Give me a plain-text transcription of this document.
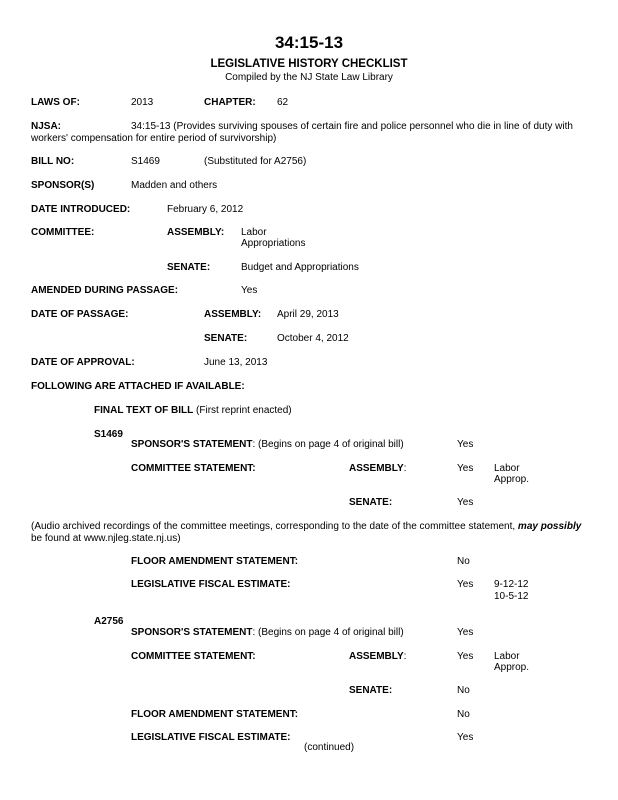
34:15-13
LEGISLATIVE HISTORY CHECKLIST
Compiled by the NJ State Law Library
LAWS OF:	2013	CHAPTER: 62
NJSA:	34:15-13 (Provides surviving spouses of certain fire and police personnel who die in line of duty with
workers' compensation for entire period of survivorship)
BILL NO:	S1469	(Substituted for A2756)
SPONSOR(S)	Madden and others
DATE INTRODUCED:	February 6, 2012
COMMITTEE:	ASSEMBLY: Labor
Appropriations
SENATE:	Budget and Appropriations
AMENDED DURING PASSAGE:	Yes
DATE OF PASSAGE:	ASSEMBLY: April 29, 2013
SENATE:	October 4, 2012
DATE OF APPROVAL:	June 13, 2013
FOLLOWING ARE ATTACHED IF AVAILABLE:
FINAL TEXT OF BILL (First reprint enacted)
S1469
SPONSOR'S STATEMENT: (Begins on page 4 of original bill)	Yes
COMMITTEE STATEMENT:	ASSEMBLY:	Yes Labor
Approp.
SENATE:	Yes
(Audio archived recordings of the committee meetings, corresponding to the date of the committee statement, may possibly
be found at www.njleg.state.nj.us)
FLOOR AMENDMENT STATEMENT:	No
LEGISLATIVE FISCAL ESTIMATE:	Yes 9-12-12
10-5-12
A2756
SPONSOR'S STATEMENT: (Begins on page 4 of original bill)	Yes
COMMITTEE STATEMENT:	ASSEMBLY:	Yes Labor
Approp.
SENATE:	No
FLOOR AMENDMENT STATEMENT:	No
LEGISLATIVE FISCAL ESTIMATE:	Yes
(continued)
